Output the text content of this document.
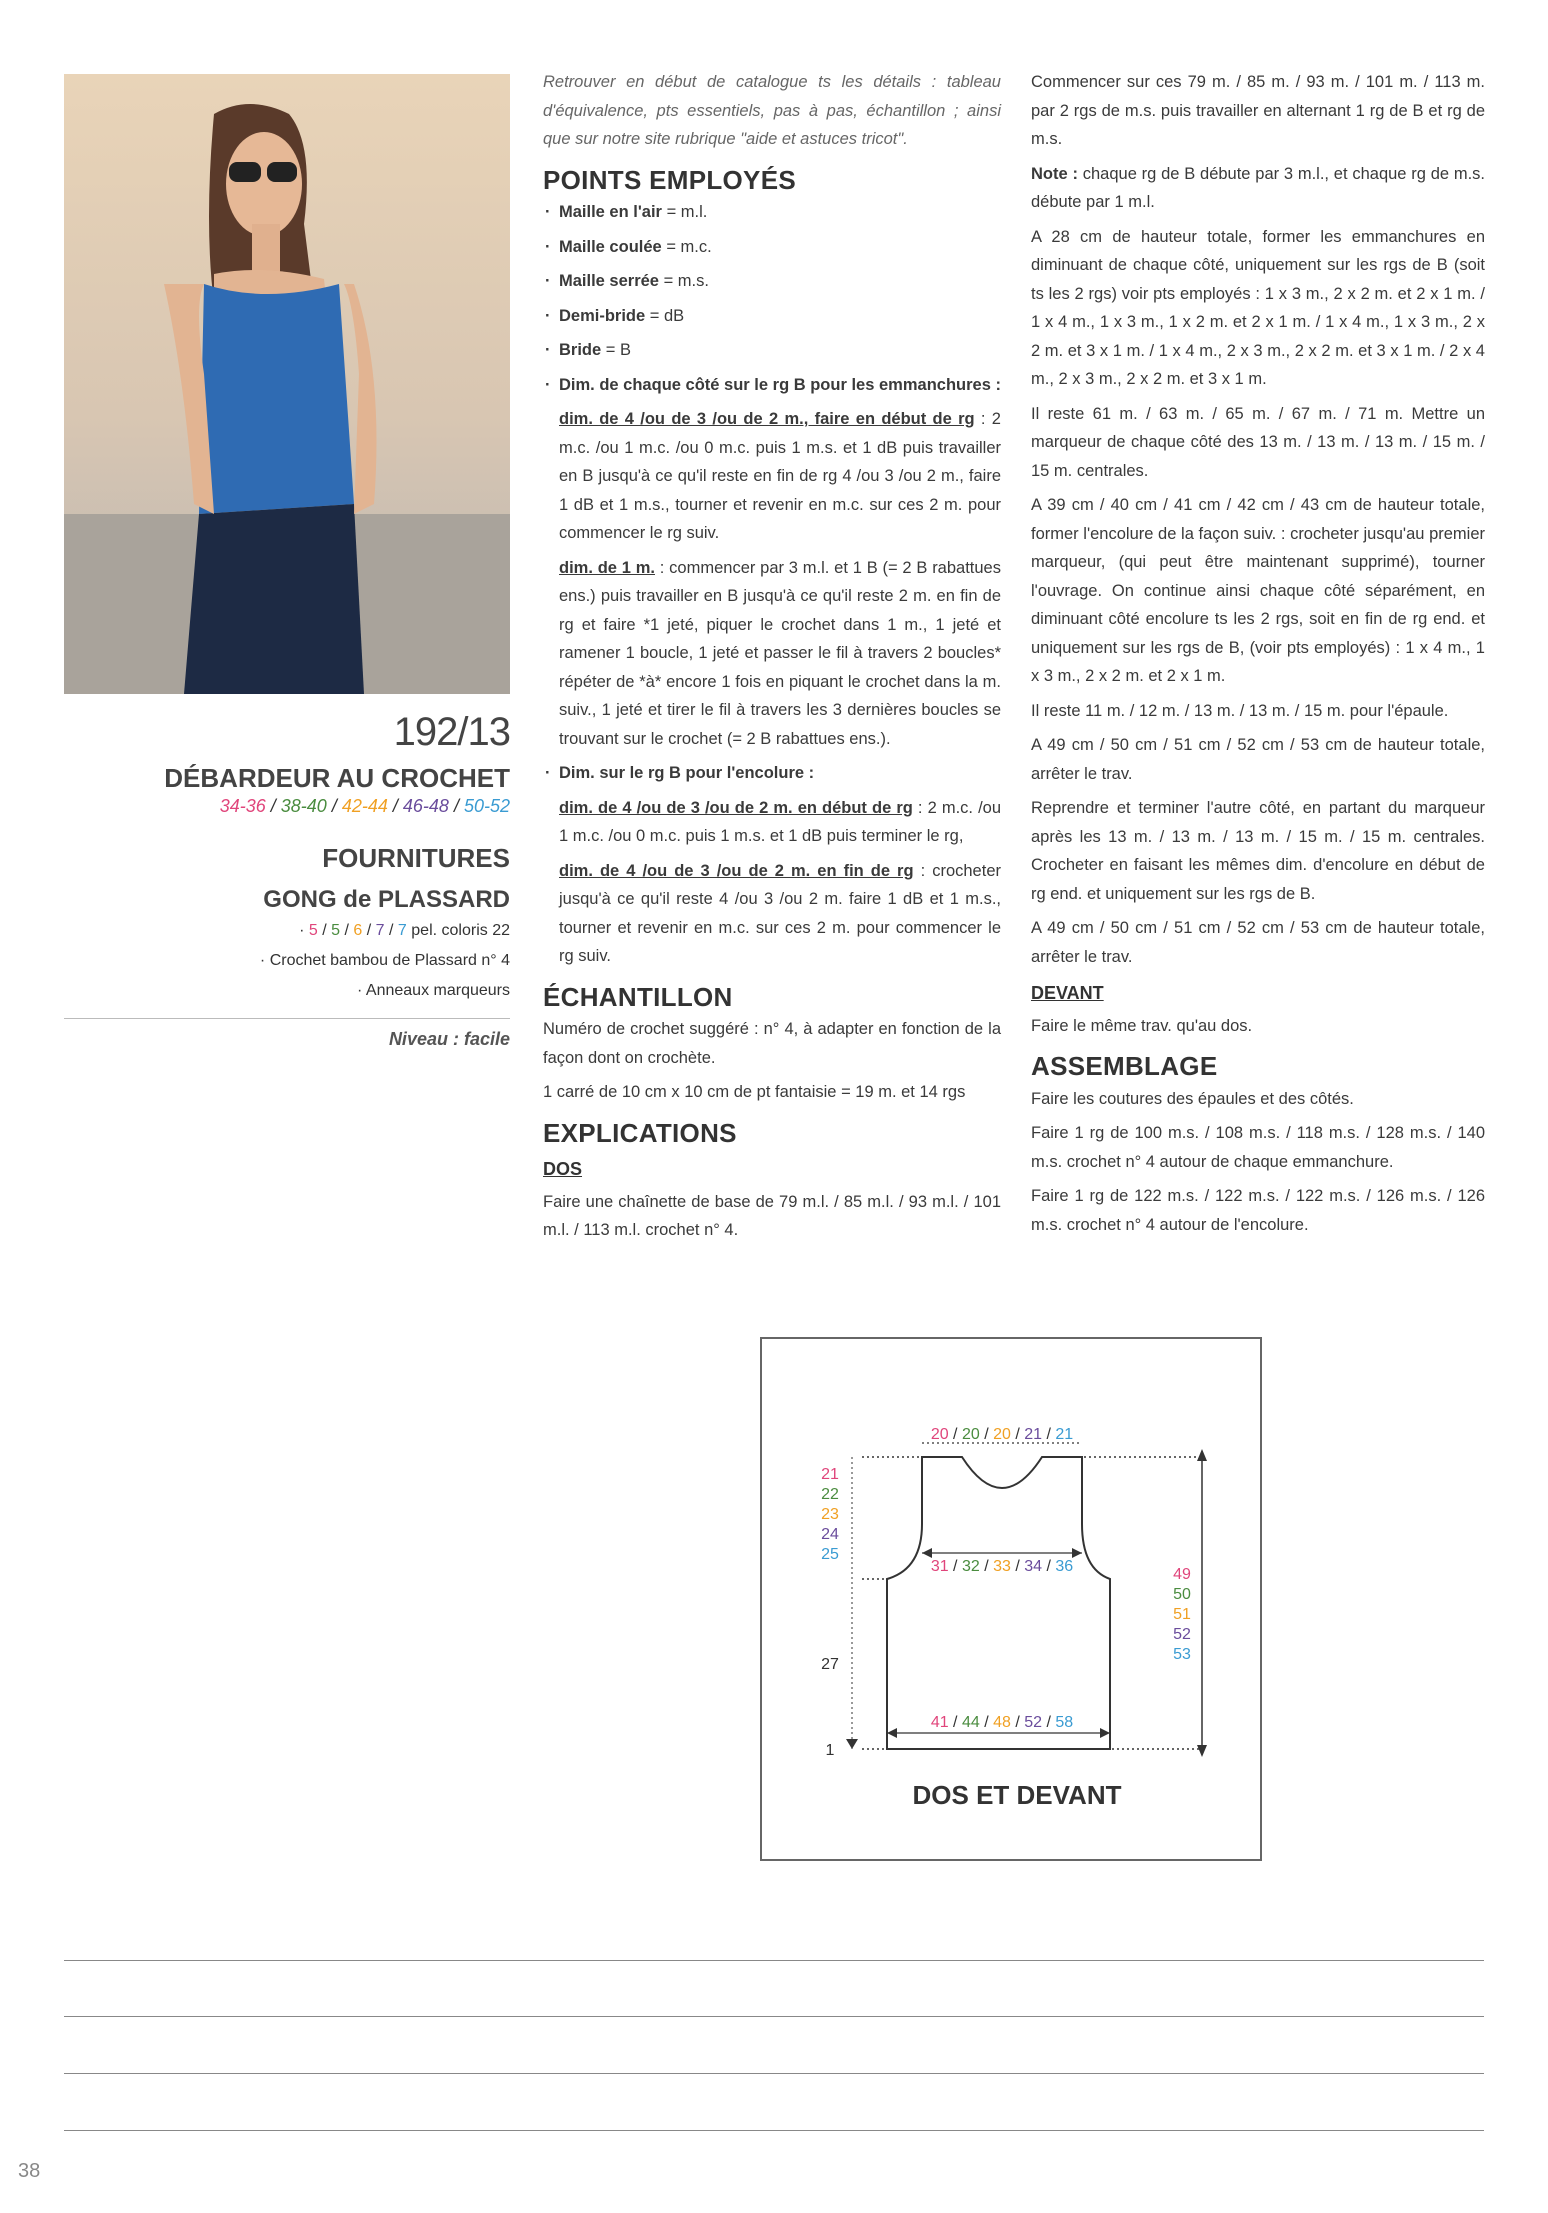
192/13
DÉBARDEUR AU CROCHET
34-36 / 38-40 / 42-44 / 46-48 / 50-52
FOURNITURES
GONG de PLASSARD
· 5 / 5 / 6 / 7 / 7 pel. coloris 22
· Crochet bambou de Plassard n° 4
· Anneaux marqueurs
Niveau : facile

Retrouver en début de catalogue ts les détails : tableau d'équivalence, pts essentiels, pas à pas, échantillon ; ainsi que sur notre site rubrique "aide et astuces tricot".

POINTS EMPLOYÉS

· Maille en l'air = m.l.

· Maille coulée = m.c.

· Maille serrée = m.s.

· Demi-bride = dB

· Bride = B

· Dim. de chaque côté sur le rg B pour les emmanchures :

dim. de 4 /ou de 3 /ou de 2 m., faire en début de rg : 2 m.c. /ou 1 m.c. /ou 0 m.c. puis 1 m.s. et 1 dB puis travailler en B jusqu'à ce qu'il reste en fin de rg 4 /ou 3 /ou 2 m., faire 1 dB et 1 m.s., tourner et revenir en m.c. sur ces 2 m. pour commencer le rg suiv.

dim. de 1 m. : commencer par 3 m.l. et 1 B (= 2 B rabattues ens.) puis travailler en B jusqu'à ce qu'il reste 2 m. en fin de rg et faire *1 jeté, piquer le crochet dans 1 m., 1 jeté et ramener 1 boucle, 1 jeté et passer le fil à travers 2 boucles* répéter de *à* encore 1 fois en piquant le crochet dans la m. suiv., 1 jeté et tirer le fil à travers les 3 dernières boucles se trouvant sur le crochet (= 2 B rabattues ens.).

· Dim. sur le rg B pour l'encolure :

dim. de 4 /ou de 3 /ou de 2 m. en début de rg : 2 m.c. /ou 1 m.c. /ou 0 m.c. puis 1 m.s. et 1 dB puis terminer le rg,

dim. de 4 /ou de 3 /ou de 2 m. en fin de rg : crocheter jusqu'à ce qu'il reste 4 /ou 3 /ou 2 m. faire 1 dB et 1 m.s., tourner et revenir en m.c. sur ces 2 m. pour commencer le rg suiv.

ÉCHANTILLON

Numéro de crochet suggéré : n° 4, à adapter en fonction de la façon dont on crochète.

1 carré de 10 cm x 10 cm de pt fantaisie = 19 m. et 14 rgs

EXPLICATIONS
DOS

Faire une chaînette de base de 79 m.l. / 85 m.l. / 93 m.l. / 101 m.l. / 113 m.l. crochet n° 4.

Commencer sur ces 79 m. / 85 m. / 93 m. / 101 m. / 113 m. par 2 rgs de m.s. puis travailler en alternant 1 rg de B et rg de m.s.

Note : chaque rg de B débute par 3 m.l., et chaque rg de m.s. débute par 1 m.l.

A 28 cm de hauteur totale, former les emmanchures en diminuant de chaque côté, uniquement sur les rgs de B (soit ts les 2 rgs) voir pts employés : 1 x 3 m., 2 x 2 m. et 2 x 1 m. / 1 x 4 m., 1 x 3 m., 1 x 2 m. et 2 x 1 m. / 1 x 4 m., 1 x 3 m., 2 x 2 m. et 3 x 1 m. / 1 x 4 m., 2 x 3 m., 2 x 2 m. et 3 x 1 m. / 2 x 4 m., 2 x 3 m., 2 x 2 m. et 3 x 1 m.

Il reste 61 m. / 63 m. / 65 m. / 67 m. / 71 m. Mettre un marqueur de chaque côté des 13 m. / 13 m. / 13 m. / 15 m. / 15 m. centrales.

A 39 cm / 40 cm / 41 cm / 42 cm / 43 cm de hauteur totale, former l'encolure de la façon suiv. : crocheter jusqu'au premier marqueur, (qui peut être maintenant supprimé), tourner l'ouvrage. On continue ainsi chaque côté séparément, en diminuant côté encolure ts les 2 rgs, soit en fin de rg end. et uniquement sur les rgs de B, (voir pts employés) : 1 x 4 m., 1 x 3 m., 2 x 2 m. et 2 x 1 m.

Il reste 11 m. / 12 m. / 13 m. / 13 m. / 15 m. pour l'épaule.

A 49 cm / 50 cm / 51 cm / 52 cm / 53 cm de hauteur totale, arrêter le trav.

Reprendre et terminer l'autre côté, en partant du marqueur après les 13 m. / 13 m. / 13 m. / 15 m. / 15 m. centrales. Crocheter en faisant les mêmes dim. d'encolure en début de rg end. et uniquement sur les rgs de B.

A 49 cm / 50 cm / 51 cm / 52 cm / 53 cm de hauteur totale, arrêter le trav.

DEVANT

Faire le même trav. qu'au dos.

ASSEMBLAGE

Faire les coutures des épaules et des côtés.

Faire 1 rg de 100 m.s. / 108 m.s. / 118 m.s. / 128 m.s. / 140 m.s. crochet n° 4 autour de chaque emmanchure.

Faire 1 rg de 122 m.s. / 122 m.s. / 122 m.s. / 126 m.s. / 126 m.s. crochet n° 4 autour de l'encolure.

20 / 20 / 20 / 21 / 21
31 / 32 / 33 / 34 / 36
41 / 44 / 48 / 52 / 58
21
22
23
24
25
27
1
49
50
51
52
53
DOS ET DEVANT
38
